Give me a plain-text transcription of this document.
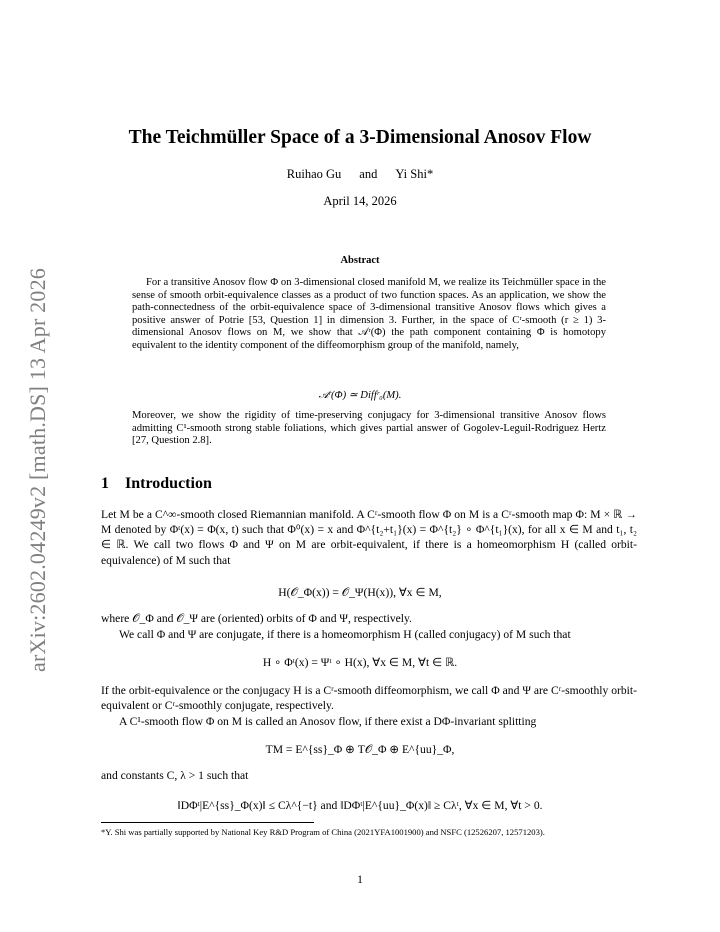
arXiv:2602.04249v2 [math.DS] 13 Apr 2026
The Teichmüller Space of a 3-Dimensional Anosov Flow
Ruihao Gu and Yi Shi*
April 14, 2026
Abstract
For a transitive Anosov flow Φ on 3-dimensional closed manifold M, we realize its Teichmüller space in the sense of smooth orbit-equivalence classes as a product of two function spaces. As an application, we show the path-connectedness of the orbit-equivalence space of 3-dimensional transitive Anosov flows which gives a positive answer of Potrie [53, Question 1] in dimension 3. Further, in the space of Cʳ-smooth (r ≥ 1) 3-dimensional Anosov flows on M, we show that 𝒜ʳ(Φ) the path component containing Φ is homotopy equivalent to the identity component of the diffeomorphism group of the manifold, namely,
𝒜ʳ(Φ) ≃ Diffʳ₀(M).
Moreover, we show the rigidity of time-preserving conjugacy for 3-dimensional transitive Anosov flows admitting C¹-smooth strong stable foliations, which gives partial answer of Gogolev-Leguil-Rodriguez Hertz [27, Question 2.8].
1 Introduction
Let M be a C^∞-smooth closed Riemannian manifold. A Cʳ-smooth flow Φ on M is a Cʳ-smooth map Φ: M × ℝ → M denoted by Φᵗ(x) = Φ(x, t) such that Φ⁰(x) = x and Φ^{t₂+t₁}(x) = Φ^{t₂} ∘ Φ^{t₁}(x), for all x ∈ M and t₁, t₂ ∈ ℝ. We call two flows Φ and Ψ on M are orbit-equivalent, if there is a homeomorphism H (called orbit-equivalence) of M such that
H(𝒪_Φ(x)) = 𝒪_Ψ(H(x)), ∀x ∈ M,
where 𝒪_Φ and 𝒪_Ψ are (oriented) orbits of Φ and Ψ, respectively.
We call Φ and Ψ are conjugate, if there is a homeomorphism H (called conjugacy) of M such that
H ∘ Φᵗ(x) = Ψᵗ ∘ H(x), ∀x ∈ M, ∀t ∈ ℝ.
If the orbit-equivalence or the conjugacy H is a Cʳ-smooth diffeomorphism, we call Φ and Ψ are Cʳ-smoothly orbit-equivalent or Cʳ-smoothly conjugate, respectively.
A C¹-smooth flow Φ on M is called an Anosov flow, if there exist a DΦ-invariant splitting
TM = E^{ss}_Φ ⊕ T𝒪_Φ ⊕ E^{uu}_Φ,
and constants C, λ > 1 such that
‖DΦᵗ|E^{ss}_Φ(x)‖ ≤ Cλ^{−t} and ‖DΦᵗ|E^{uu}_Φ(x)‖ ≥ Cλᵗ, ∀x ∈ M, ∀t > 0.
*Y. Shi was partially supported by National Key R&D Program of China (2021YFA1001900) and NSFC (12526207, 12571203).
1
